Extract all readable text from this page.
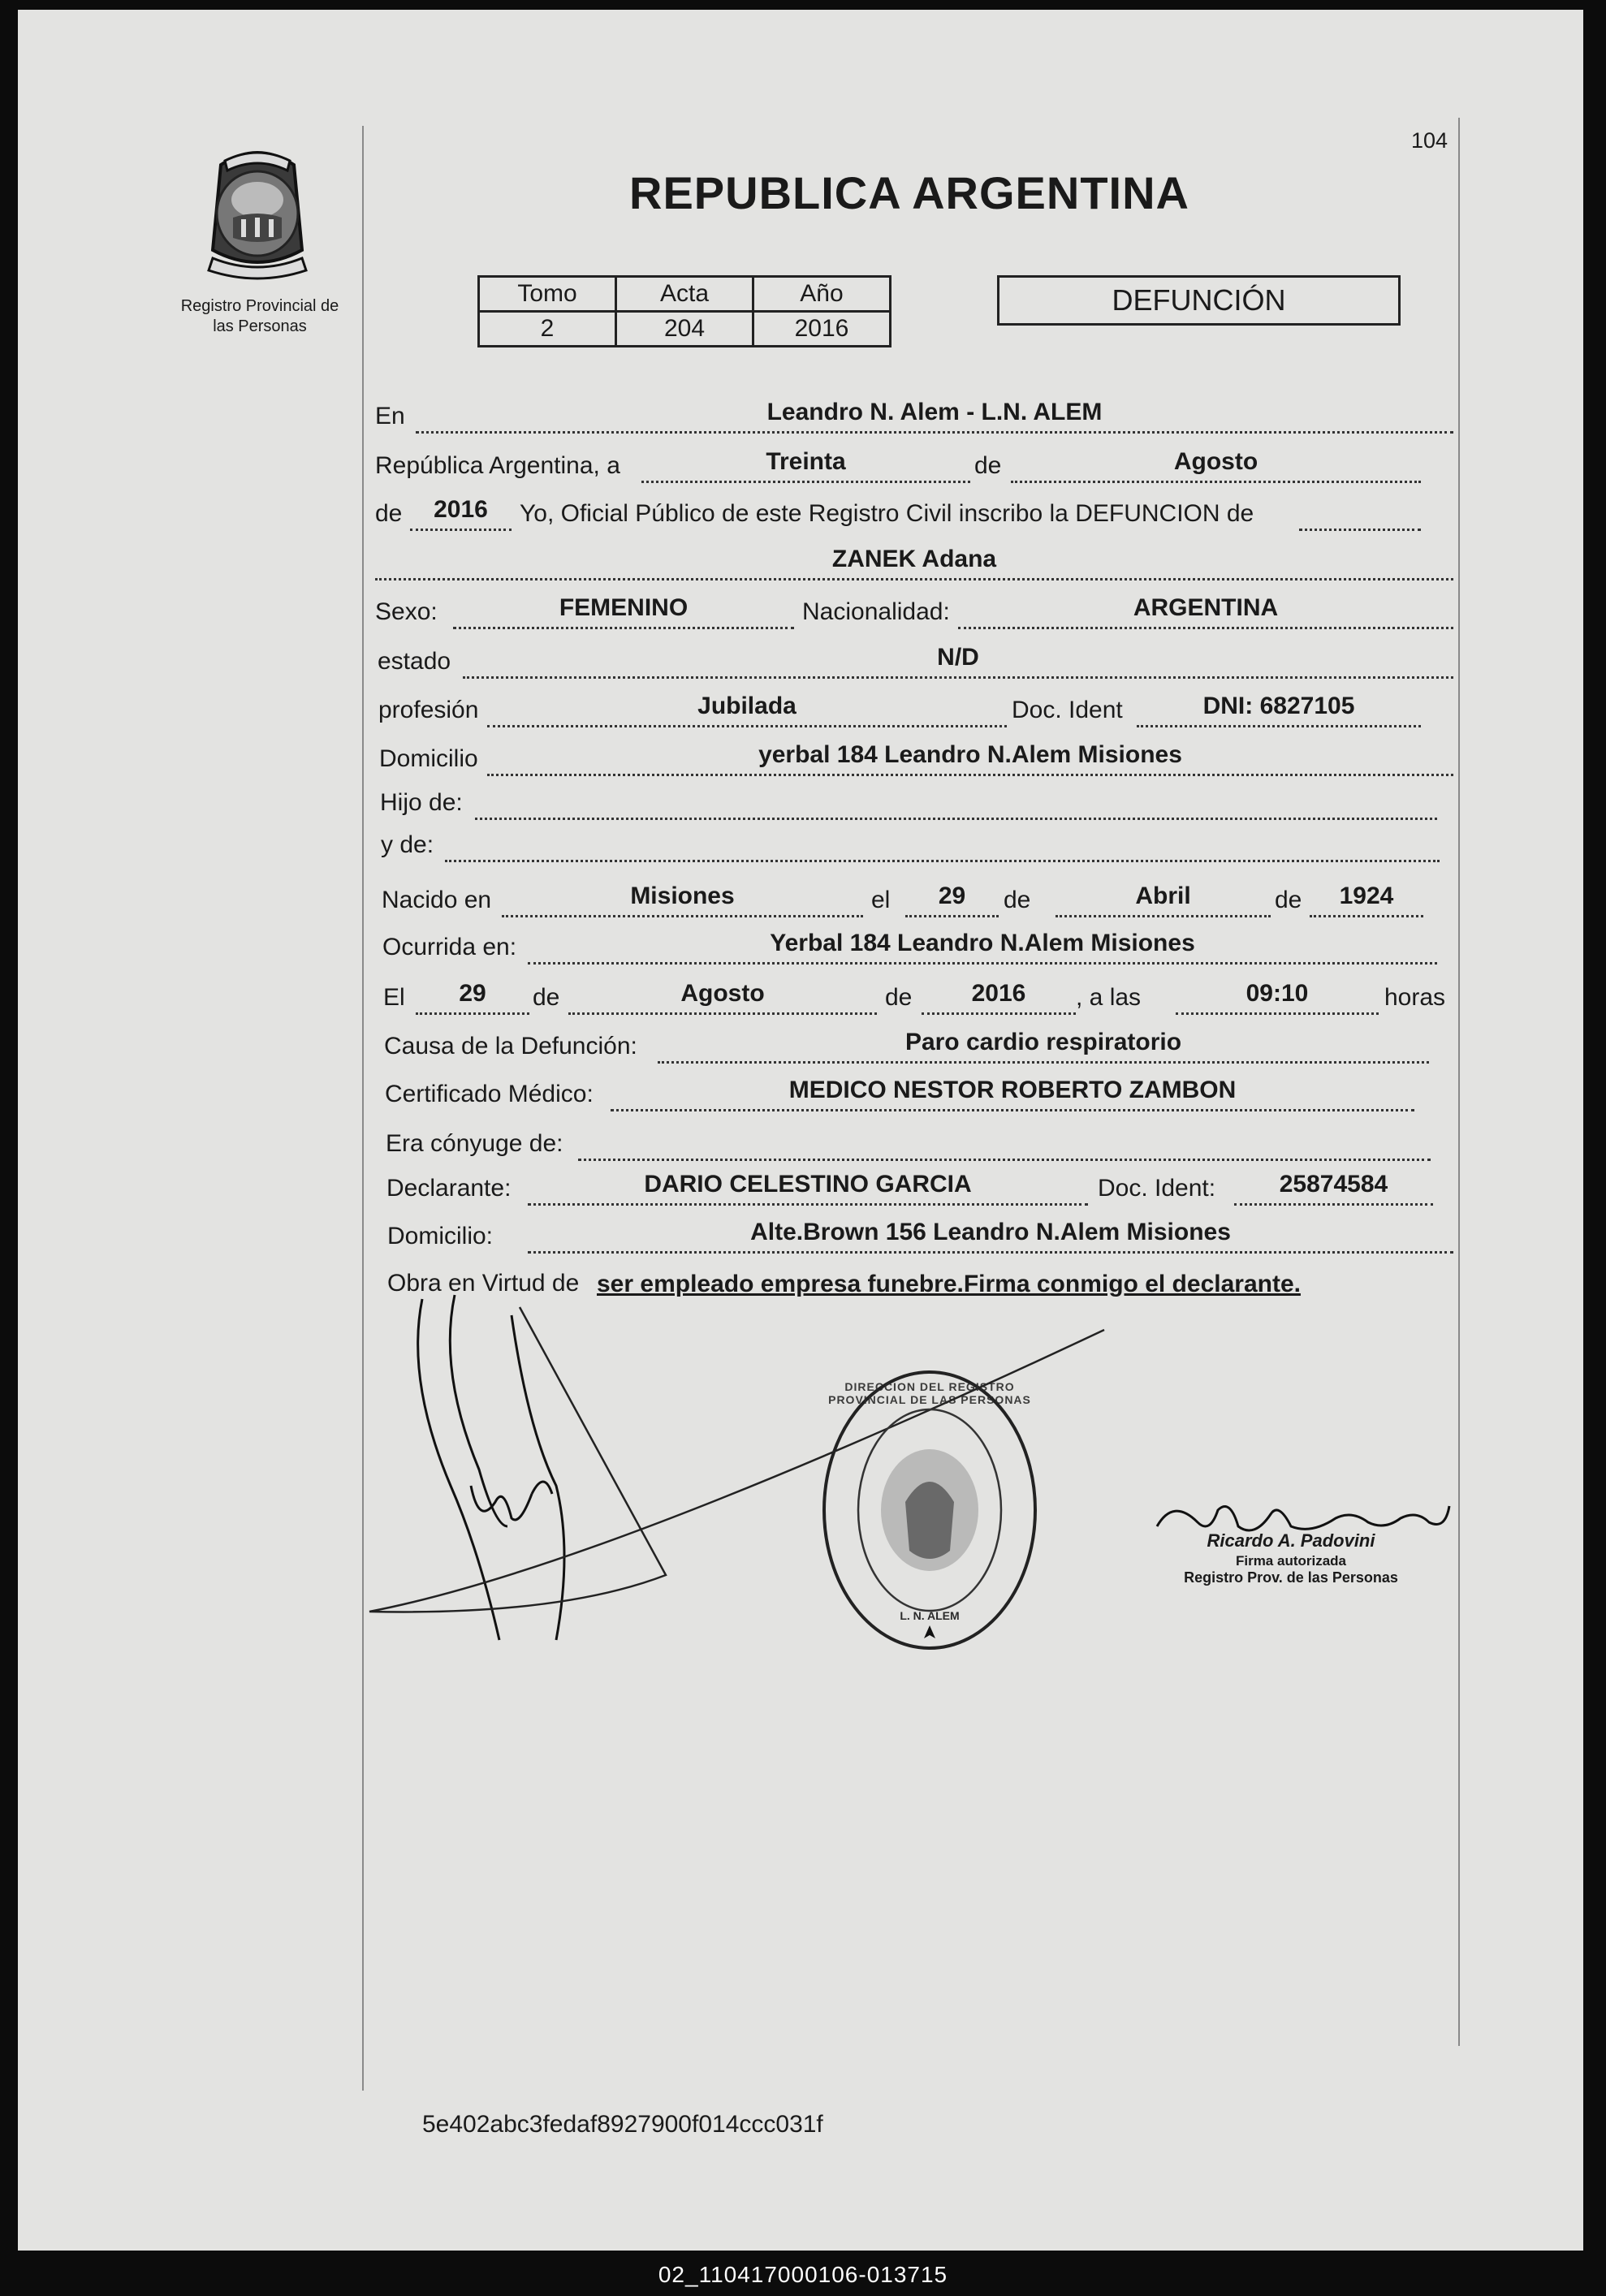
Registro Provincial de
las Personas
104
REPUBLICA ARGENTINA
Tomo	Acta	Año
2	204	2016
DEFUNCIÓN
En	Leandro N. Alem - L.N. ALEM
República Argentina, a	Treinta	de	Agosto
de	2016	Yo, Oficial Público de este Registro Civil inscribo la DEFUNCION de
ZANEK Adana
Sexo:	FEMENINO	Nacionalidad:	ARGENTINA
estado	N/D
profesión	Jubilada	Doc. Ident	DNI: 6827105
Domicilio	yerbal 184 Leandro N.Alem Misiones
Hijo de:
y de:
Nacido en	Misiones	el	29	de	Abril	de	1924
Ocurrida en:	Yerbal 184 Leandro N.Alem Misiones
El	29	de	Agosto	de	2016	, a las	09:10	horas
Causa de la Defunción:	Paro cardio respiratorio
Certificado Médico:	MEDICO NESTOR ROBERTO ZAMBON
Era cónyuge de:
Declarante:	DARIO CELESTINO GARCIA	Doc. Ident:	25874584
Domicilio:	Alte.Brown 156 Leandro N.Alem Misiones
Obra en Virtud de ser empleado empresa funebre.Firma conmigo el declarante.
DIRECCION DEL REGISTRO PROVINCIAL DE LAS PERSONAS
L. N. ALEM
Ricardo A. Padovini
Firma autorizada
Registro Prov. de las Personas
5e402abc3fedaf8927900f014ccc031f
02_110417000106-013715
